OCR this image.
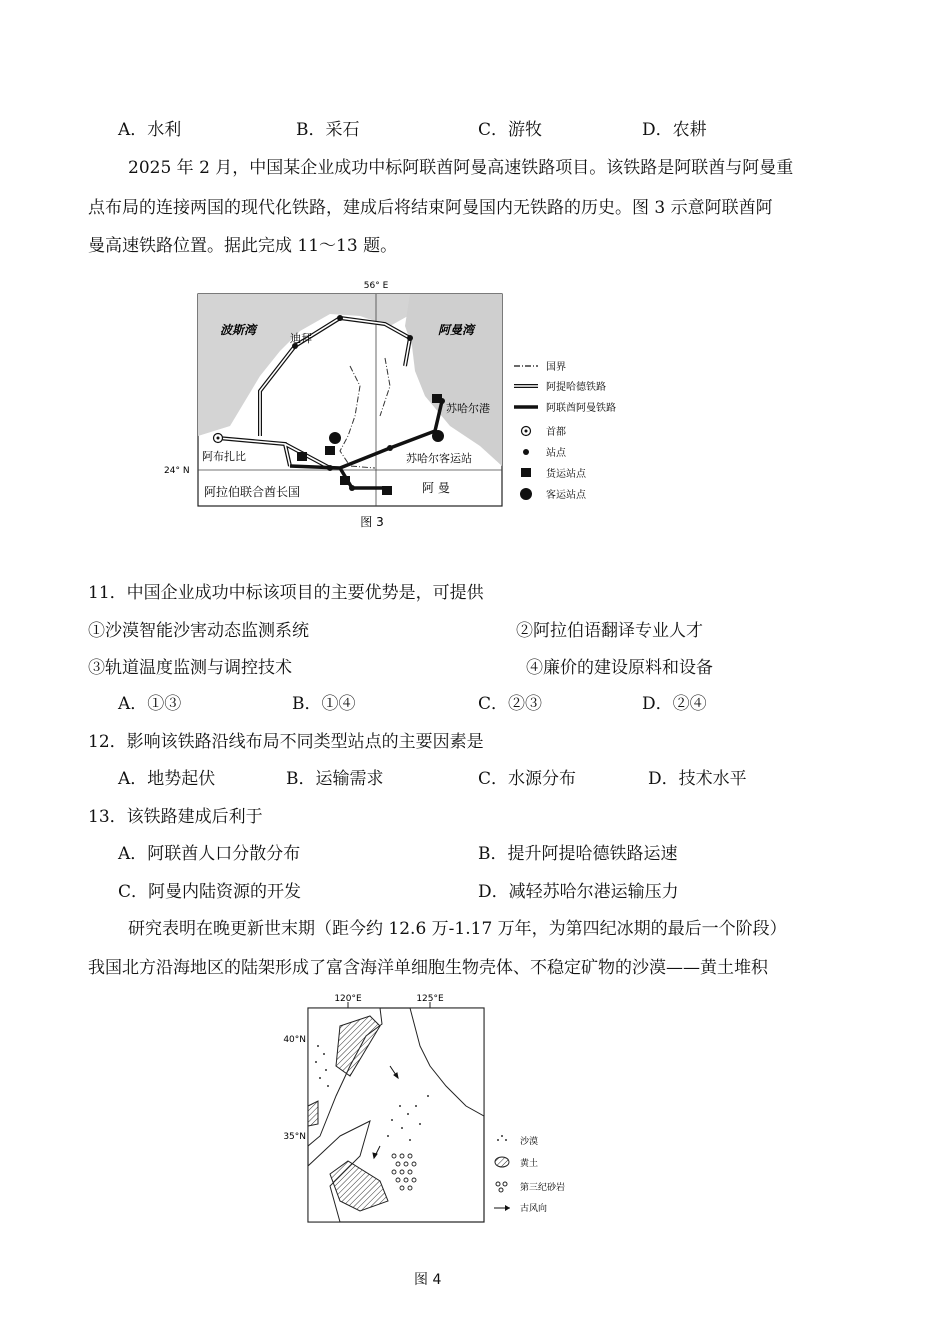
A．水利	B．采石	C．游牧	D．农耕
2025 年 2 月，中国某企业成功中标阿联酋阿曼高速铁路项目。该铁路是阿联酋与阿曼重
点布局的连接两国的现代化铁路，建成后将结束阿曼国内无铁路的历史。图 3 示意阿联酋阿
曼高速铁路位置。据此完成 11～13 题。
56° E
24° N
波斯湾	阿曼湾
迪拜
阿布扎比
苏哈尔港
苏哈尔客运站
阿拉伯联合酋长国	阿 曼
国界
阿提哈德铁路
阿联酋阿曼铁路
首都
站点
货运站点
客运站点
图 3
11．中国企业成功中标该项目的主要优势是，可提供
①沙漠智能沙害动态监测系统	②阿拉伯语翻译专业人才
③轨道温度监测与调控技术	④廉价的建设原料和设备
A．①③	B．①④	C．②③	D．②④
12．影响该铁路沿线布局不同类型站点的主要因素是
A．地势起伏	B．运输需求	C．水源分布	D．技术水平
13．该铁路建成后利于
A．阿联酋人口分散分布	B．提升阿提哈德铁路运速
C．阿曼内陆资源的开发	D．减轻苏哈尔港运输压力
研究表明在晚更新世末期（距今约 12.6 万-1.17 万年，为第四纪冰期的最后一个阶段）
我国北方沿海地区的陆架形成了富含海洋单细胞生物壳体、不稳定矿物的沙漠——黄土堆积
120°E	125°E
40°N
35°N	沙漠
黄土
第三纪砂岩
古风向
图 4
